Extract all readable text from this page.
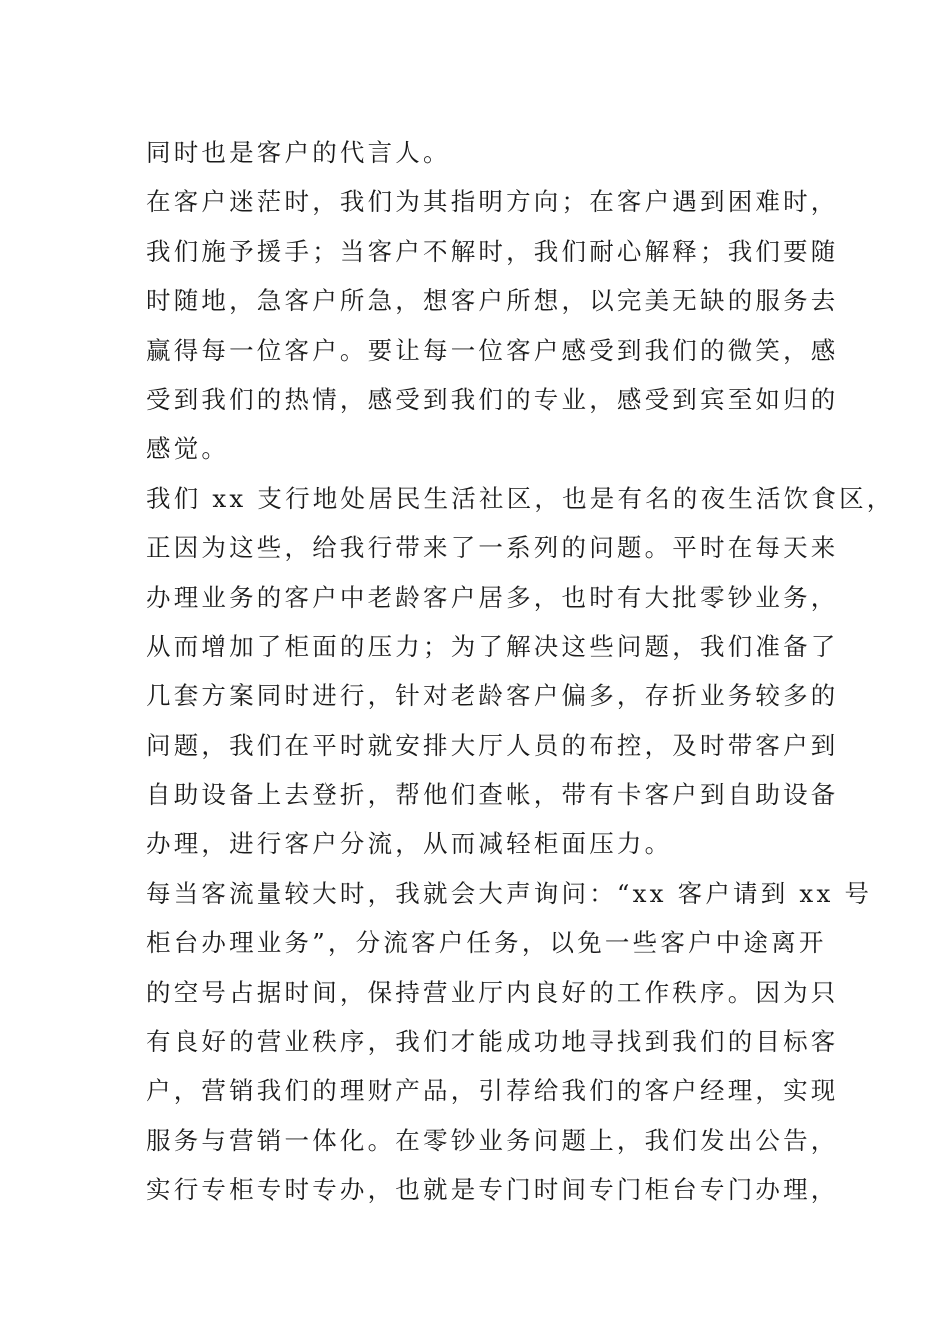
同时也是客户的代言人。
在客户迷茫时，我们为其指明方向；在客户遇到困难时，
我们施予援手；当客户不解时，我们耐心解释；我们要随
时随地，急客户所急，想客户所想，以完美无缺的服务去
赢得每一位客户。要让每一位客户感受到我们的微笑，感
受到我们的热情，感受到我们的专业，感受到宾至如归的
感觉。
我们 xx 支行地处居民生活社区，也是有名的夜生活饮食区，
正因为这些，给我行带来了一系列的问题。平时在每天来
办理业务的客户中老龄客户居多，也时有大批零钞业务，
从而增加了柜面的压力；为了解决这些问题，我们准备了
几套方案同时进行，针对老龄客户偏多，存折业务较多的
问题，我们在平时就安排大厅人员的布控，及时带客户到
自助设备上去登折，帮他们查帐，带有卡客户到自助设备
办理，进行客户分流，从而减轻柜面压力。
每当客流量较大时，我就会大声询问：“xx 客户请到 xx 号
柜台办理业务”，分流客户任务，以免一些客户中途离开
的空号占据时间，保持营业厅内良好的工作秩序。因为只
有良好的营业秩序，我们才能成功地寻找到我们的目标客
户，营销我们的理财产品，引荐给我们的客户经理，实现
服务与营销一体化。在零钞业务问题上，我们发出公告，
实行专柜专时专办，也就是专门时间专门柜台专门办理，
